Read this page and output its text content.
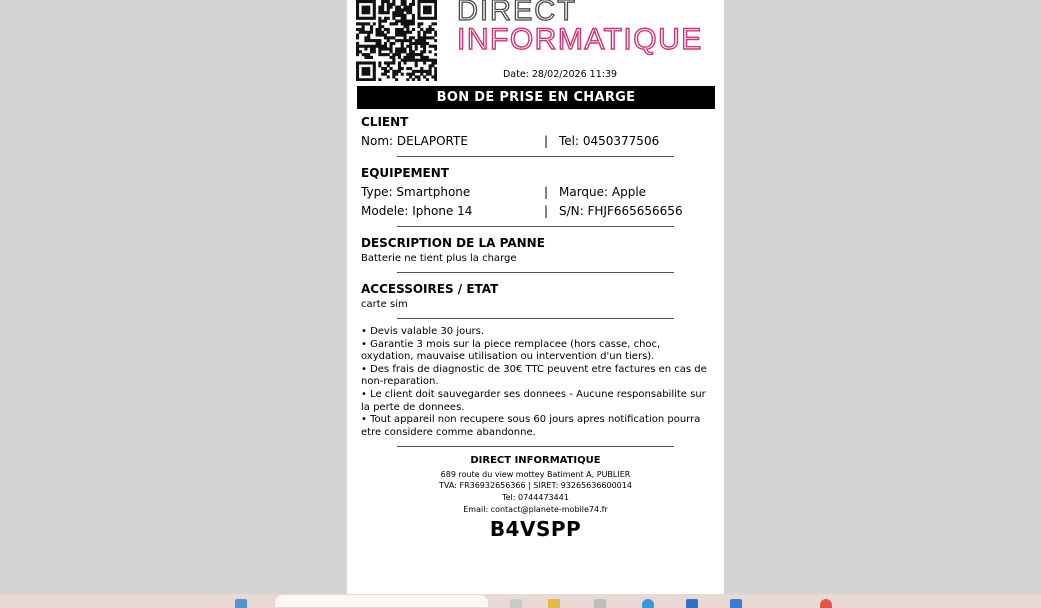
DIRECT
INFORMATIQUE
Date: 28/02/2026 11:39
BON DE PRISE EN CHARGE
CLIENT
Nom: DELAPORTE	| Tel: 0450377506
EQUIPEMENT
Type: Smartphone	| Marque: Apple
Modele: Iphone 14	| S/N: FHJF665656656
DESCRIPTION DE LA PANNE
Batterie ne tient plus la charge
ACCESSOIRES / ETAT
carte sim

• Devis valable 30 jours.

• Garantie 3 mois sur la piece remplacee (hors casse, choc, oxydation, mauvaise utilisation ou intervention d'un tiers).

• Des frais de diagnostic de 30€ TTC peuvent etre factures en cas de non-reparation.

• Le client doit sauvegarder ses donnees - Aucune responsabilite sur la perte de donnees.

• Tout appareil non recupere sous 60 jours apres notification pourra etre considere comme abandonne.

DIRECT INFORMATIQUE
689 route du view mottey Batiment A, PUBLIER
TVA: FR36932656366 | SIRET: 93265636600014
Tel: 0744473441
Email: contact@planete-mobile74.fr
B4VSPP
